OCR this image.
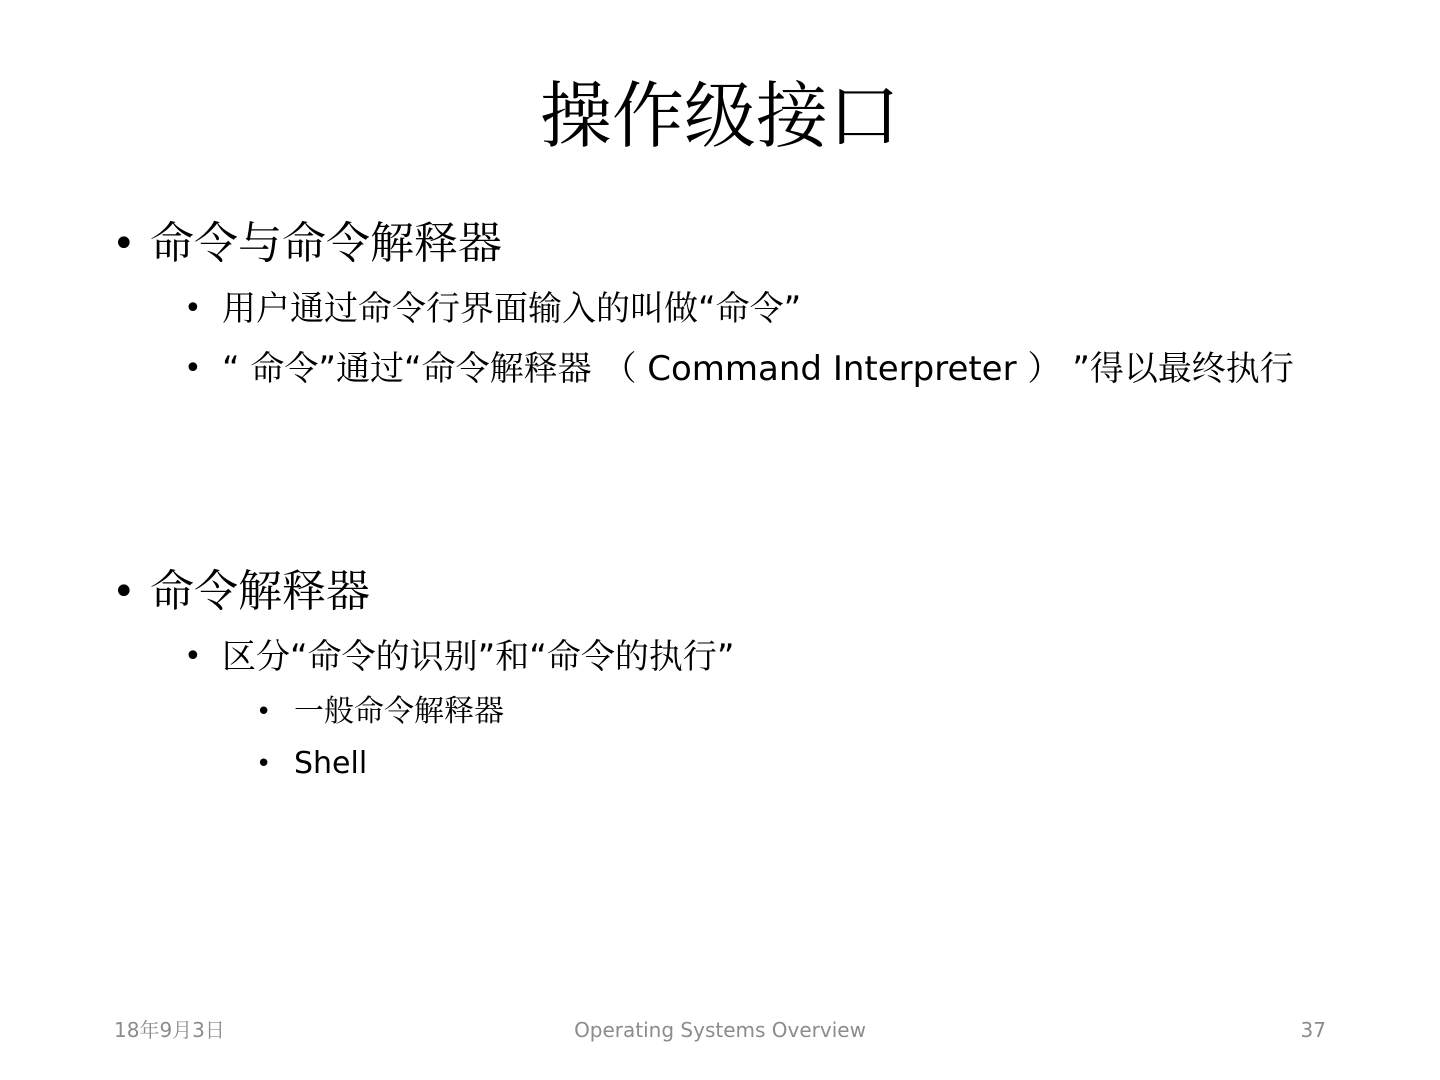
操作级接口
• 命令与命令解释器
• 用户通过命令行界面输入的叫做“命令”
• “ 命令”通过“命令解释器 （ Command Interpreter ） ”得以最终执行
• 命令解释器
• 区分“命令的识别”和“命令的执行”
• 一般命令解释器
• Shell
18年9月3日	Operating Systems Overview	37
